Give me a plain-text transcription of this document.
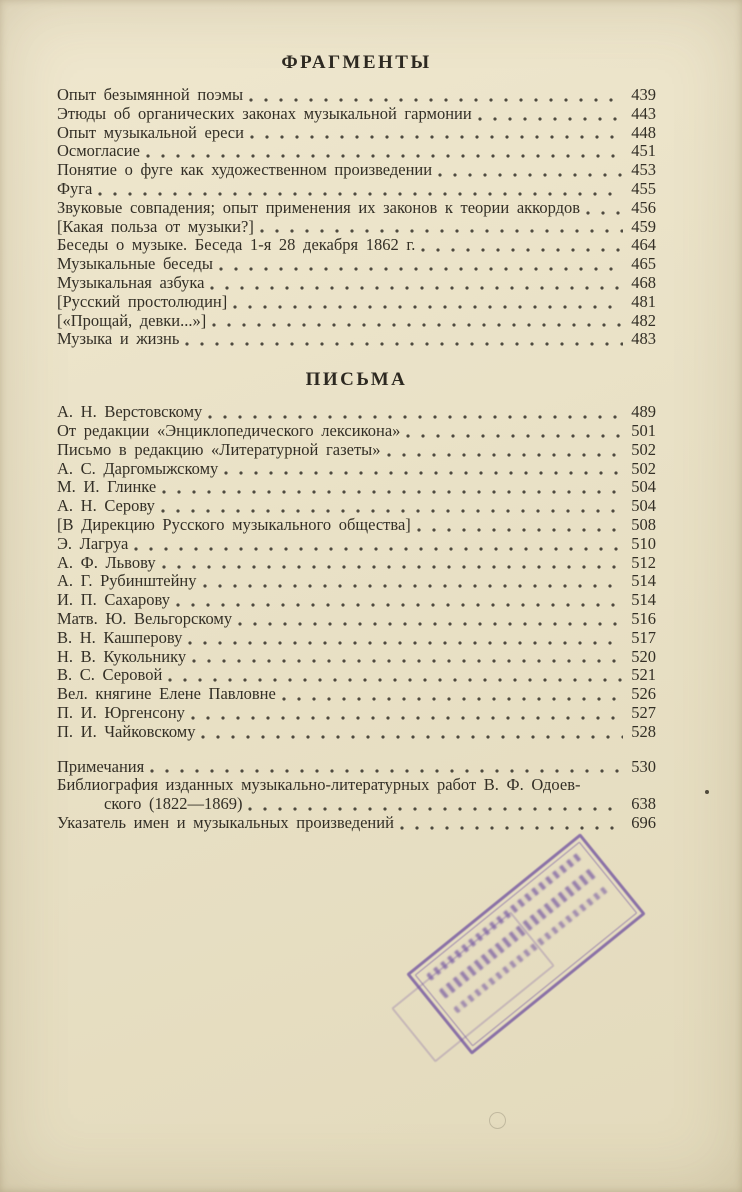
ФРАГМЕНТЫ
Опыт безымянной поэмы	439
Этюды об органических законах музыкальной гармонии	443
Опыт музыкальной ереси	448
Осмогласие	451
Понятие о фуге как художественном произведении	453
Фуга	455
Звуковые совпадения; опыт применения их законов к теории аккордов	456
[Какая польза от музыки?]	459
Беседы о музыке. Беседа 1-я 28 декабря 1862 г.	464
Музыкальные беседы	465
Музыкальная азбука	468
[Русский простолюдин]	481
[«Прощай, девки...»]	482
Музыка и жизнь	483
ПИСЬМА
А. Н. Верстовскому	489
От редакции «Энциклопедического лексикона»	501
Письмо в редакцию «Литературной газеты»	502
А. С. Даргомыжскому	502
М. И. Глинке	504
А. Н. Серову	504
[В Дирекцию Русского музыкального общества]	508
Э. Лагруа	510
А. Ф. Львову	512
А. Г. Рубинштейну	514
И. П. Сахарову	514
Матв. Ю. Вельгорскому	516
В. Н. Кашперову	517
Н. В. Кукольнику	520
В. С. Серовой	521
Вел. княгине Елене Павловне	526
П. И. Юргенсону	527
П. И. Чайковскому	528
Примечания	530
Библиография изданных музыкально-литературных работ В. Ф. Одоев-
ского (1822—1869)	638
Указатель имен и музыкальных произведений	696
